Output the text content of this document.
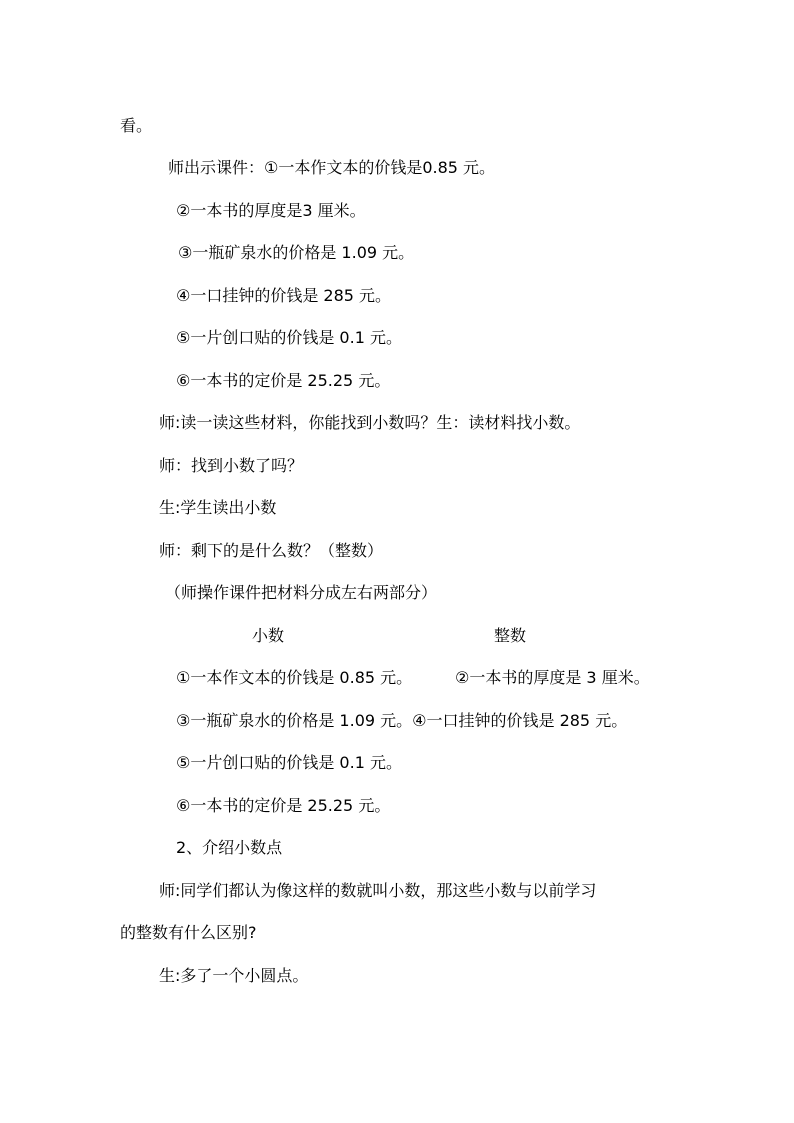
看。
师出示课件：①一本作文本的价钱是0.85 元。
②一本书的厚度是3 厘米。
③一瓶矿泉水的价格是 1.09 元。
④一口挂钟的价钱是 285 元。
⑤一片创口贴的价钱是 0.1 元。
⑥一本书的定价是 25.25 元。
师:读一读这些材料，你能找到小数吗？生：读材料找小数。
师：找到小数了吗？
生:学生读出小数
师：剩下的是什么数？（整数）
（师操作课件把材料分成左右两部分）
小数	整数
①一本作文本的价钱是 0.85 元。	②一本书的厚度是 3 厘米。
③一瓶矿泉水的价格是 1.09 元。④一口挂钟的价钱是 285 元。
⑤一片创口贴的价钱是 0.1 元。
⑥一本书的定价是 25.25 元。
2、介绍小数点
师:同学们都认为像这样的数就叫小数，那这些小数与以前学习
的整数有什么区别?
生:多了一个小圆点。
